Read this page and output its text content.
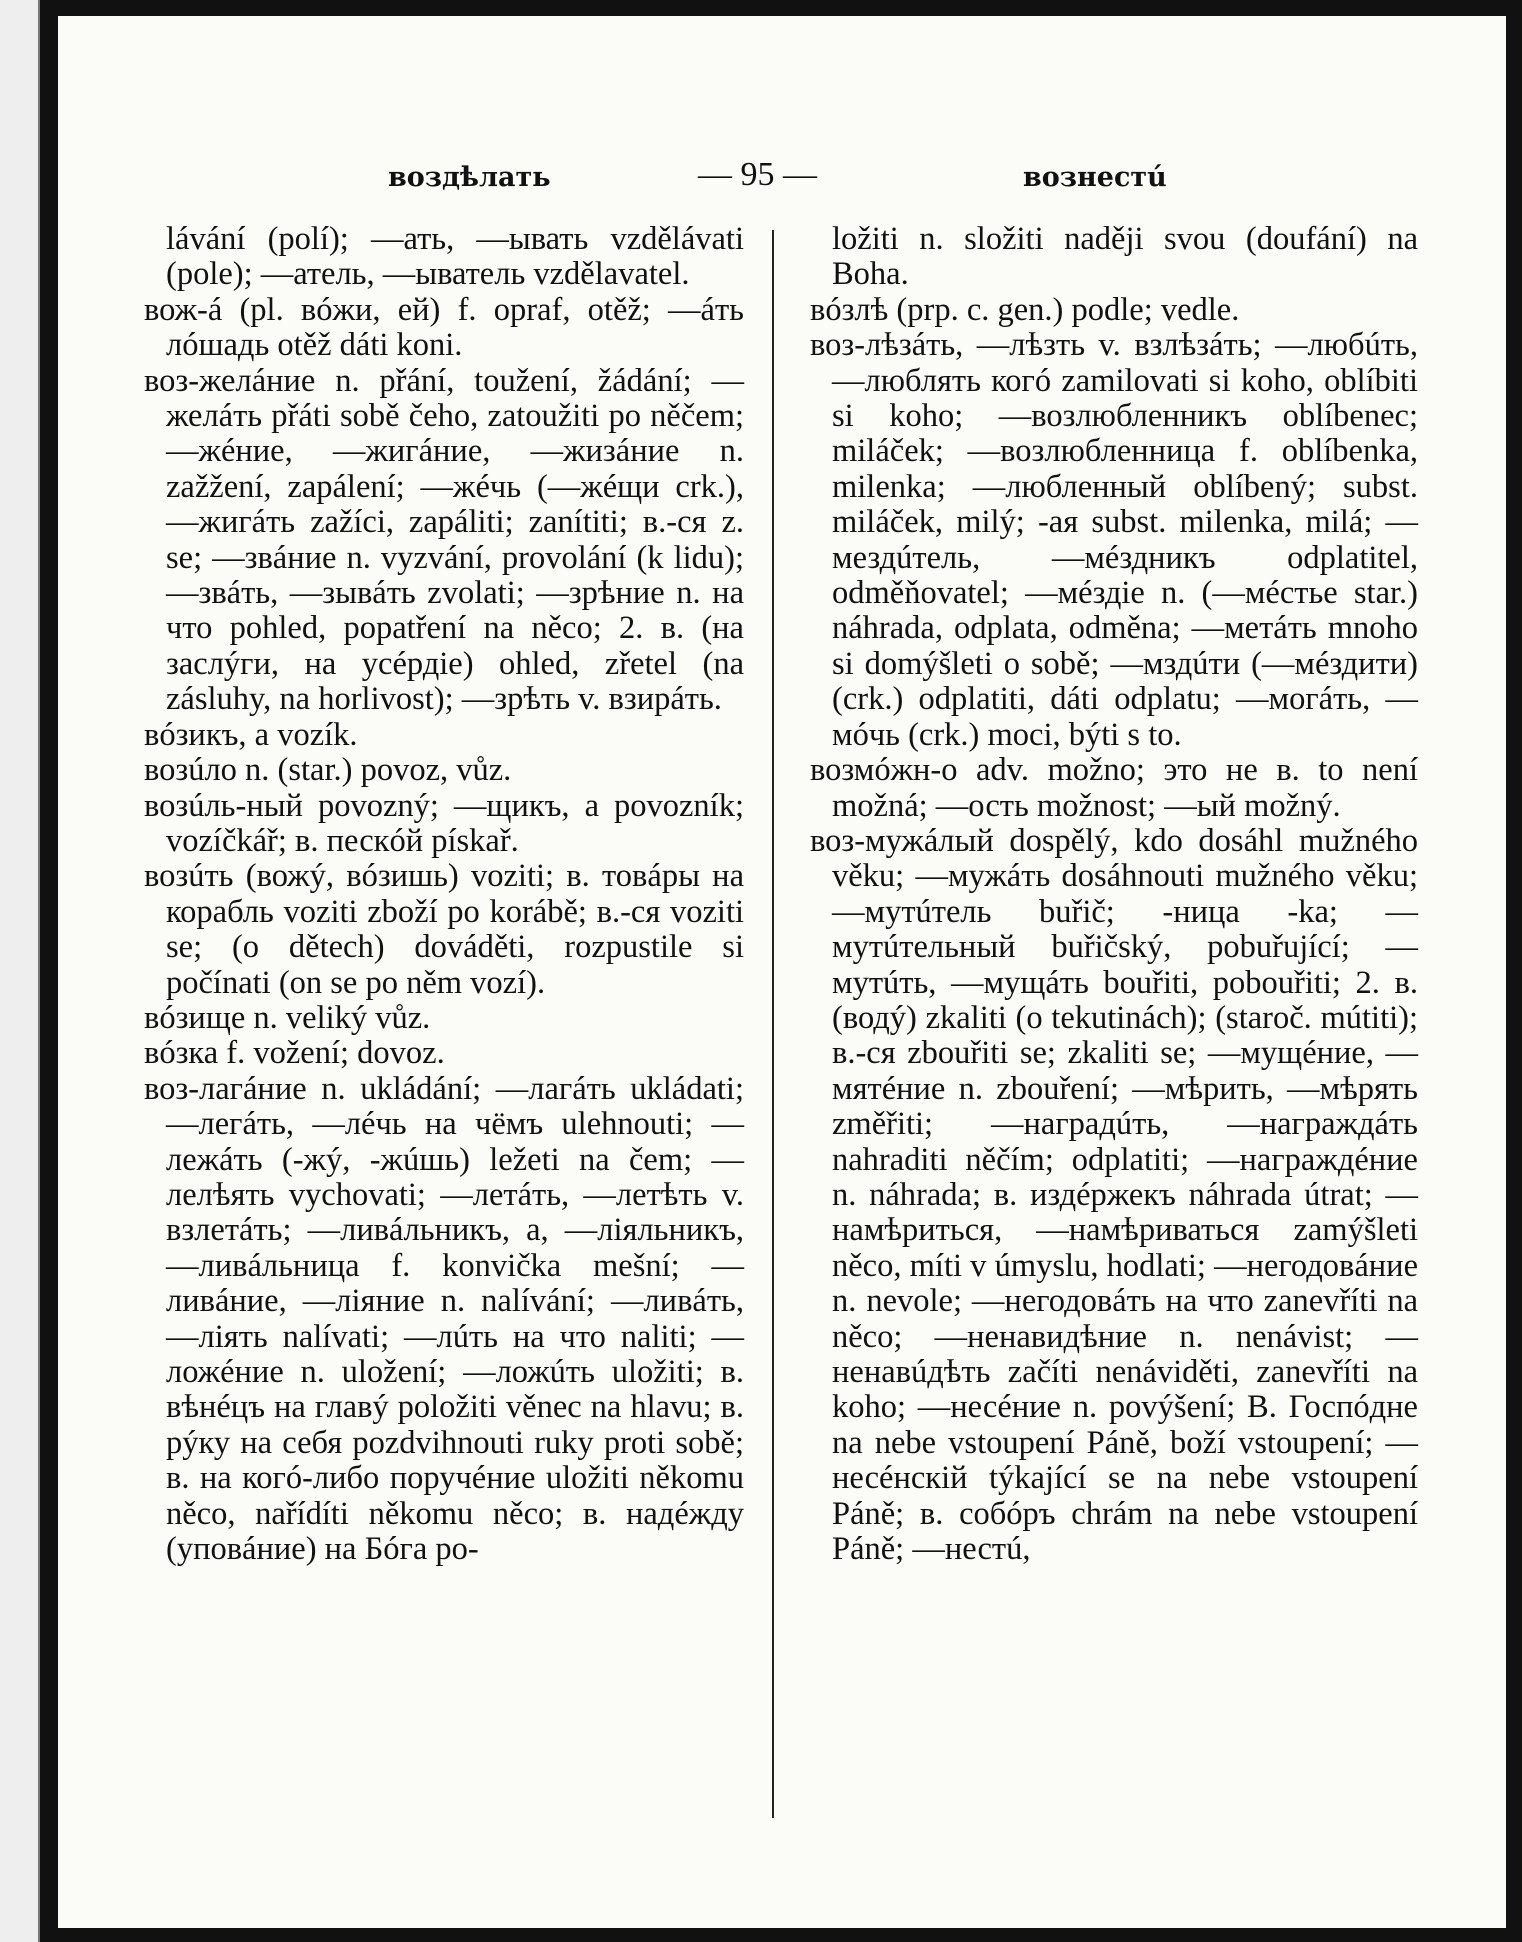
воздѣлать	— 95 —	вознестú

lávání (polí); —ать, —ывать vzdělávati (pole); —атель, —ыватель vzdělavatel.

вож-á (pl. вóжи, ей) f. opraf, otěž; —áть лóшадь otěž dáti koni.

воз-желáние n. přání, toužení, žádání; —желáть přáti sobě čeho, zatoužiti po něčem; —жéние, —жигáние, —жизáние n. zažžení, zapálení; —жéчь (—жéщи crk.), —жигáть zažíci, zapáliti; zanítiti; в.-ся z. se; —звáние n. vyzvání, provolání (k lidu); —звáть, —зывáть zvolati; —зрѣние n. на что pohled, popatření na něco; 2. в. (на заслýги, на усéрдіе) ohled, zřetel (na zásluhy, na horlivost); —зрѣть v. взирáть.

вóзикъ, a vozík.

возúло n. (star.) povoz, vůz.

возúль-ный povozný; —щикъ, a povozník; vozíčkář; в. пескóй pískař.

возúть (вожý, вóзишь) voziti; в. товáры на корабль voziti zboží po korábě; в.-ся voziti se; (o dětech) dováděti, rozpustile si počínati (on se po něm vozí).

вóзище n. veliký vůz.

вóзка f. vožení; dovoz.

воз-лагáние n. ukládání; —лагáть ukládati; —легáть, —лéчь на чёмъ ulehnouti; —лежáть (-жý, -жúшь) ležeti na čem; —лелѣять vychovati; —летáть, —летѣть v. взлетáть; —ливáльникъ, a, —ліяльникъ, —ливáльница f. konvička mešní; —ливáние, —ліяние n. nalívání; —ливáть, —ліять nalívati; —лúть на что naliti; —ложéние n. uložení; —ложúть uložiti; в. вѣнéцъ на главý položiti věnec na hlavu; в. рýку на себя pozdvihnouti ruky proti sobě; в. на когó-либо поручéние uložiti někomu něco, nařídíti někomu něco; в. надéжду (уповáние) на Бóга po-

ložiti n. složiti naději svou (doufání) na Boha.

вóзлѣ (prp. c. gen.) podle; vedle.

воз-лѣзáть, —лѣзть v. взлѣзáть; —любúть, —люблять когó zamilovati si koho, oblíbiti si koho; —возлюбленникъ oblíbenec; miláček; —возлюбленница f. oblíbenka, milenka; —любленный oblíbený; subst. miláček, milý; -ая subst. milenka, milá; —мездúтель, —мéздникъ odplatitel, odměňovatel; —мéздіе n. (—мéстье star.) náhrada, odplata, odměna; —метáть mnoho si domýšleti o sobě; —мздúти (—мéздити) (crk.) odplatiti, dáti odplatu; —могáть, —мóчь (crk.) moci, býti s to.

возмóжн-о adv. možno; это не в. to není možná; —ость možnost; —ый možný.

воз-мужáлый dospělý, kdo dosáhl mužného věku; —мужáть dosáhnouti mužného věku; —мутúтель buřič; -ница -ka; —мутúтельный buřičský, pobuřující; —мутúть, —мущáть bouřiti, pobouřiti; 2. в. (водý) zkaliti (o tekutinách); (staroč. mútiti); в.-ся zbouřiti se; zkaliti se; —мущéние, —мятéние n. zbouření; —мѣрить, —мѣрять změřiti; —наградúть, —награждáть nahraditi něčím; odplatiti; —награждéние n. náhrada; в. издéржекъ náhrada útrat; —намѣриться, —намѣриваться zamýšleti něco, míti v úmyslu, hodlati; —негодовáние n. nevole; —негодовáть на что zanevříti na něco; —ненавидѣние n. nenávist; —ненавúдѣть začíti nenáviděti, zanevříti na koho; —несéние n. povýšení; В. Госпóдне na nebe vstoupení Páně, boží vstoupení; —несéнскій týkající se na nebe vstoupení Páně; в. собóръ chrám na nebe vstoupení Páně; —нестú,
